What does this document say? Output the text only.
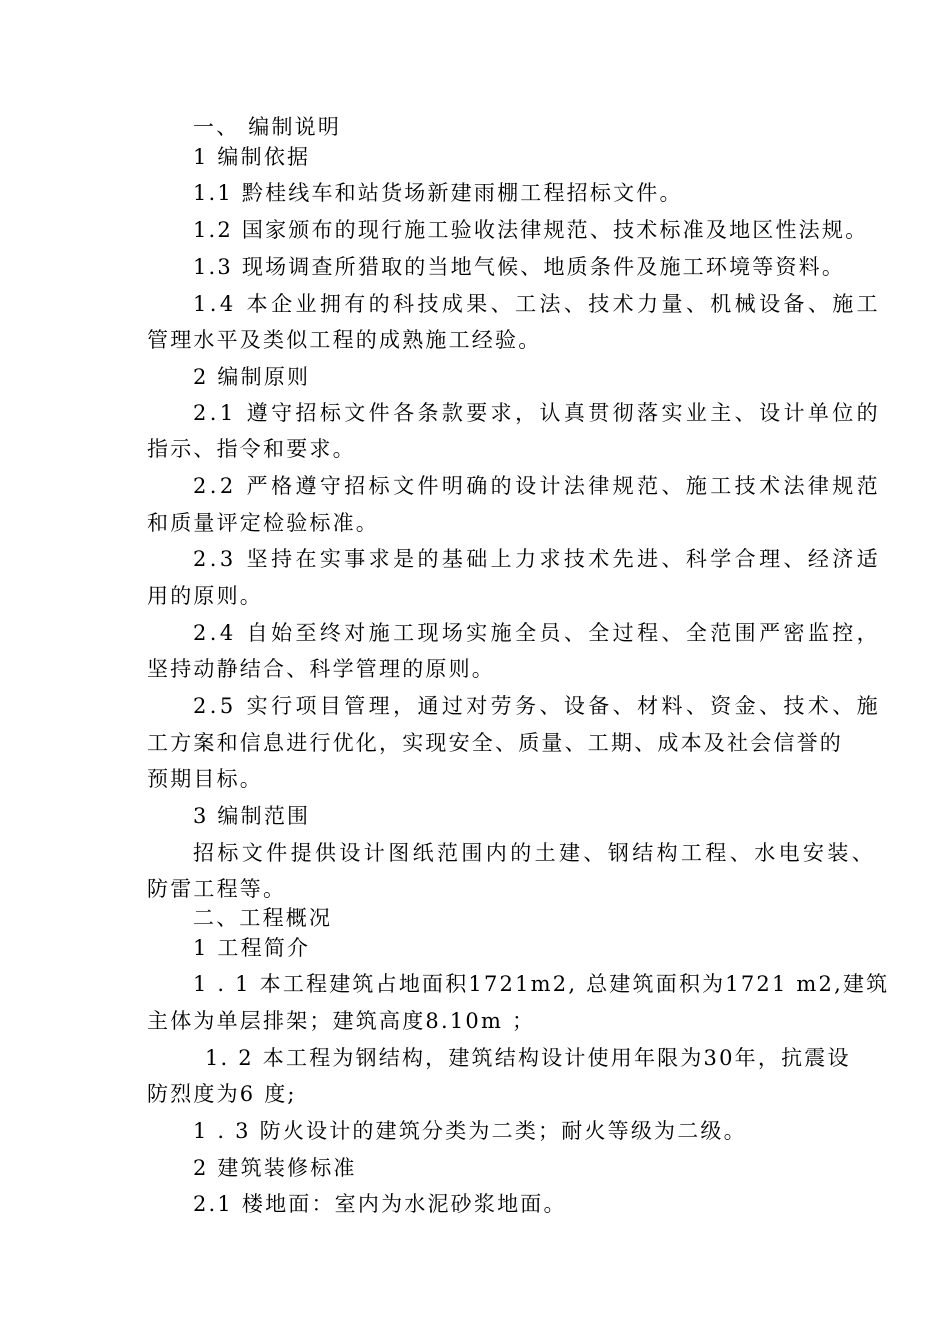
一、 编制说明
1 编制依据
1.1 黔桂线车和站货场新建雨棚工程招标文件。
1.2 国家颁布的现行施工验收法律规范、技术标准及地区性法规。
1.3 现场调查所猎取的当地气候、地质条件及施工环境等资料。
1.4 本企业拥有的科技成果、工法、技术力量、机械设备、施工
管理水平及类似工程的成熟施工经验。
2 编制原则
2.1 遵守招标文件各条款要求，认真贯彻落实业主、设计单位的
指示、指令和要求。
2.2 严格遵守招标文件明确的设计法律规范、施工技术法律规范
和质量评定检验标准。
2.3 坚持在实事求是的基础上力求技术先进、科学合理、经济适
用的原则。
2.4 自始至终对施工现场实施全员、全过程、全范围严密监控，
坚持动静结合、科学管理的原则。
2.5 实行项目管理，通过对劳务、设备、材料、资金、技术、施
工方案和信息进行优化，实现安全、质量、工期、成本及社会信誉的
预期目标。
3 编制范围
招标文件提供设计图纸范围内的土建、钢结构工程、水电安装、
防雷工程等。
二、工程概况
1 工程简介
1 . 1 本工程建筑占地面积1721m2, 总建筑面积为1721 m2,建筑
主体为单层排架；建筑高度8.10m ；
1. 2 本工程为钢结构，建筑结构设计使用年限为30年，抗震设
防烈度为6 度;
1 . 3 防火设计的建筑分类为二类；耐火等级为二级。
2 建筑装修标准
2.1 楼地面：室内为水泥砂浆地面。
